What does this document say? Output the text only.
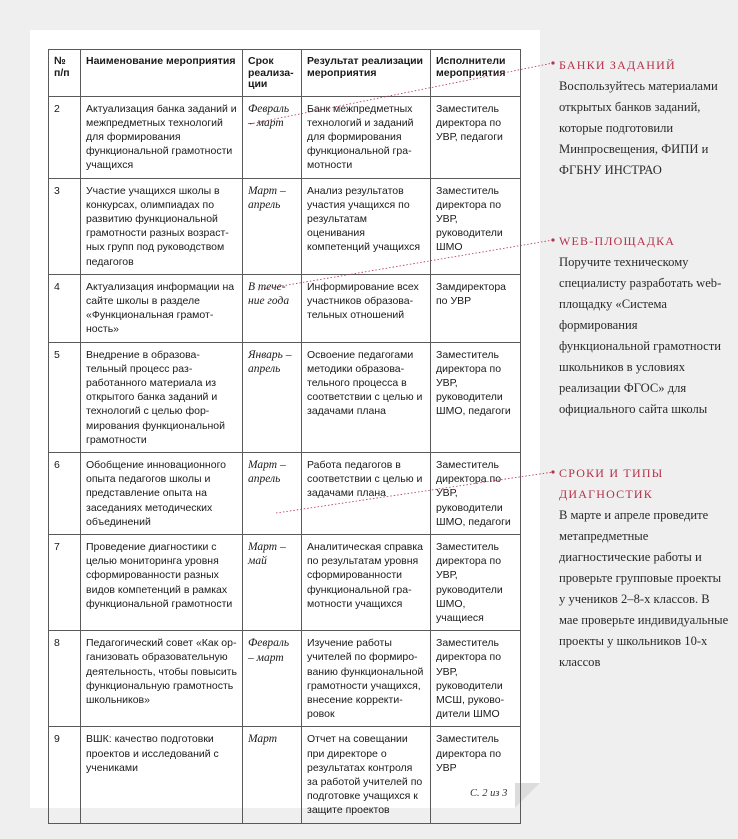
№ п/п	Наименование мероприятия	Срок реализации	Результат реализации мероприятия	Исполнители мероприятия
2	Актуализация банка заданий и межпредметных технологий для формирования функциональной грамотности учащихся	Февраль – март	Банк межпредметных технологий и заданий для формирования функциональной грамотности	Заместитель директора по УВР, педагоги
3	Участие учащихся школы в конкурсах, олимпиадах по развитию функциональной грамотности разных возрастных групп под руководством педагогов	Март – апрель	Анализ результатов участия учащихся по результатам оценивания компетенций учащихся	Заместитель директора по УВР, руководители ШМО
4	Актуализация информации на сайте школы в разделе «Функциональная грамотность»	В течение года	Информирование всех участников образовательных отношений	Замдиректора по УВР
5	Внедрение в образовательный процесс разработанного материала из открытого банка заданий и технологий с целью формирования функциональной грамотности	Январь – апрель	Освоение педагогами методики образовательного процесса в соответствии с целью и задачами плана	Заместитель директора по УВР, руководители ШМО, педагоги
6	Обобщение инновационного опыта педагогов школы и представление опыта на заседаниях методических объединений	Март – апрель	Работа педагогов в соответствии с целью и задачами плана	Заместитель директора по УВР, руководители ШМО, педагоги
7	Проведение диагностики с целью мониторинга уровня сформированности разных видов компетенций в рамках функциональной грамотности	Март – май	Аналитическая справка по результатам уровня сформированности функциональной грамотности учащихся	Заместитель директора по УВР, руководители ШМО, учащиеся
8	Педагогический совет «Как организовать образовательную деятельность, чтобы повысить функциональную грамотность школьников»	Февраль – март	Изучение работы учителей по формированию функциональной грамотности учащихся, внесение корректировок	Заместитель директора по УВР, руководители МСШ, руководители ШМО
9	ВШК: качество подготовки проектов и исследований с учениками	Март	Отчет на совещании при директоре о результатах контроля за работой учителей по подготовке учащихся к защите проектов	Заместитель директора по УВР
С. 2 из 3
БАНКИ ЗАДАНИЙ
Воспользуйтесь материалами открытых банков заданий, которые подготовили Минпросвещения, ФИПИ и ФГБНУ ИНСТРАО
WEB-ПЛОЩАДКА
Поручите техническому специалисту разработать web-площадку «Система формирования функциональной грамотности школьников в условиях реализации ФГОС» для официального сайта школы
СРОКИ И ТИПЫ ДИАГНОСТИК
В марте и апреле проведите метапредметные диагностические работы и проверьте групповые проекты у учеников 2–8-х классов. В мае проверьте индивидуальные проекты у школьников 10-х классов
